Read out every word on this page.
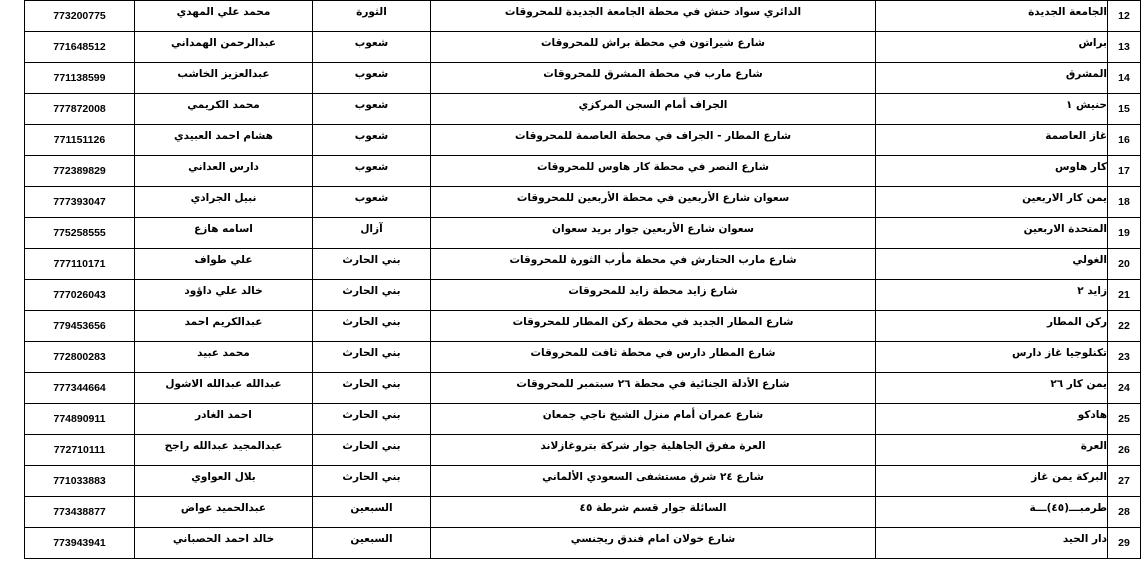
773200775	محمد علي المهدي	الثورة	الدائري سواد حنش في محطة الجامعة الجديدة للمحروقات	الجامعة الجديدة	12
771648512	عبدالرحمن الهمداني	شعوب	شارع شيراتون في محطة براش للمحروقات	براش	13
771138599	عبدالعزيز الخاشب	شعوب	شارع مارب في محطة المشرق للمحروقات	المشرق	14
777872008	محمد الكريمي	شعوب	الجراف أمام السجن المركزي	حنيش ١	15
771151126	هشام احمد العبيدي	شعوب	شارع المطار - الجراف في محطة العاصمة للمحروقات	غاز العاصمة	16
772389829	دارس العداني	شعوب	شارع النصر في محطة كار هاوس للمحروقات	كار هاوس	17
777393047	نبيل الجرادي	شعوب	سعوان شارع الأربعين في محطة الأربعين للمحروقات	يمن كار الاربعين	18
775258555	اسامه هازع	آزال	سعوان شارع الأربعين جوار بريد سعوان	المتحدة الاربعين	19
777110171	علي طواف	بني الحارث	شارع مارب الحتارش في محطة مأرب الثورة للمحروقات	الغولي	20
777026043	خالد علي داؤود	بني الحارث	شارع زايد محطة زايد للمحروقات	زايد ٢	21
779453656	عبدالكريم احمد	بني الحارث	شارع المطار الجديد في محطة ركن المطار للمحروقات	ركن المطار	22
772800283	محمد عبيد	بني الحارث	شارع المطار دارس في محطة ثافت للمحروقات	تكنلوجيا غاز دارس	23
777344664	عبدالله عبدالله الاشول	بني الحارث	شارع الأدلة الجنائية في محطة ٢٦ سبتمبر للمحروقات	يمن كار ٢٦	24
774890911	احمد الغادر	بني الحارث	شارع عمران أمام منزل الشيخ ناجي جمعان	هادكو	25
772710111	عبدالمجيد عبدالله راجح	بني الحارث	العرة مفرق الجاهلية جوار شركة بتروغازلاند	العرة	26
771033883	بلال العواوي	بني الحارث	شارع ٢٤ شرق مستشفى السعودي الألماني	البركة يمن غاز	27
773438877	عبدالحميد عواض	السبعين	السائلة جوار قسم شرطة ٤٥	طرمبـــ(٤٥)ـــة	28
773943941	خالد احمد الحصباني	السبعين	شارع خولان امام فندق ريجنسي	دار الحيد	29
